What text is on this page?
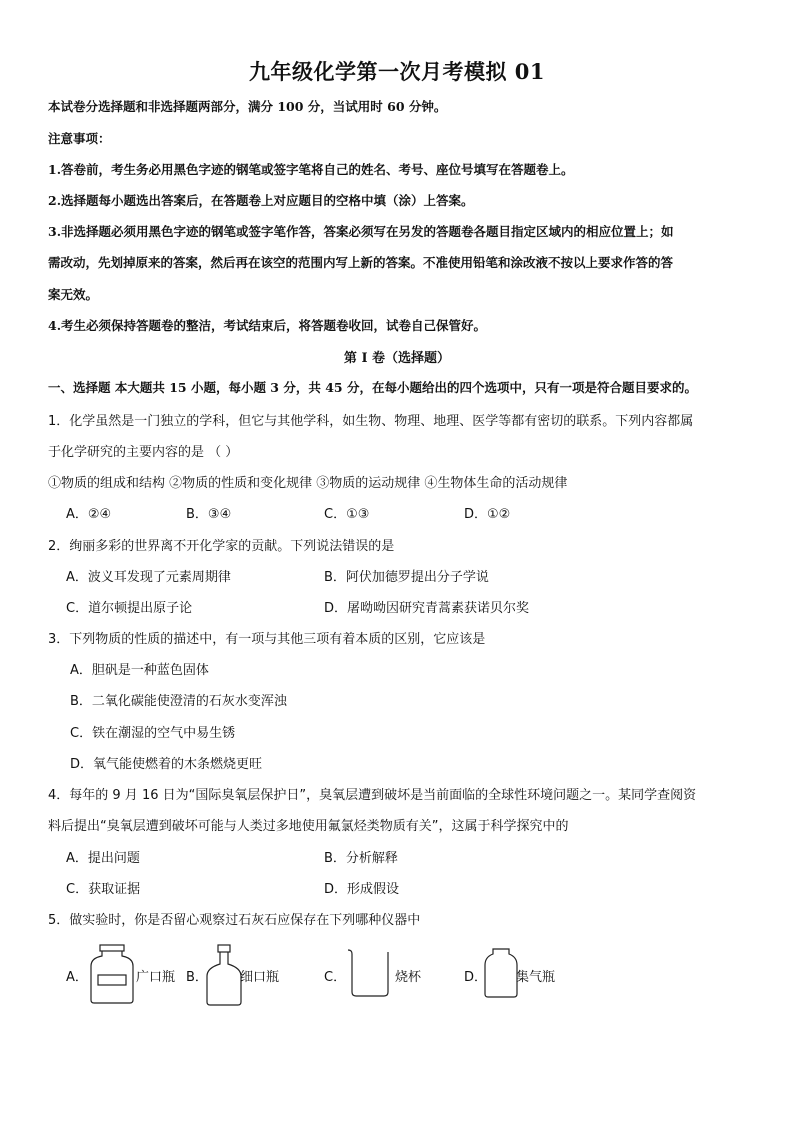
九年级化学第一次月考模拟 01
本试卷分选择题和非选择题两部分，满分 100 分，当试用时 60 分钟。
注意事项：
1.答卷前，考生务必用黑色字迹的钢笔或签字笔将自己的姓名、考号、座位号填写在答题卷上。
2.选择题每小题选出答案后，在答题卷上对应题目的空格中填（涂）上答案。
3.非选择题必须用黑色字迹的钢笔或签字笔作答，答案必须写在另发的答题卷各题目指定区域内的相应位置上；如
需改动，先划掉原来的答案，然后再在该空的范围内写上新的答案。不准使用铅笔和涂改液不按以上要求作答的答
案无效。
4.考生必须保持答题卷的整洁，考试结束后，将答题卷收回，试卷自己保管好。
第 I 卷（选择题）
一、选择题 本大题共 15 小题，每小题 3 分，共 45 分，在每小题给出的四个选项中，只有一项是符合题目要求的。
1．化学虽然是一门独立的学科，但它与其他学科，如生物、物理、地理、医学等都有密切的联系。下列内容都属
于化学研究的主要内容的是 （ ）
①物质的组成和结构 ②物质的性质和变化规律 ③物质的运动规律 ④生物体生命的活动规律
A．②④	B．③④	C．①③	D．①②
2．绚丽多彩的世界离不开化学家的贡献。下列说法错误的是
A．波义耳发现了元素周期律	B．阿伏加德罗提出分子学说
C．道尔顿提出原子论	D．屠呦呦因研究青蒿素获诺贝尔奖
3．下列物质的性质的描述中，有一项与其他三项有着本质的区别，它应该是
A．胆矾是一种蓝色固体
B．二氧化碳能使澄清的石灰水变浑浊
C．铁在潮湿的空气中易生锈
D．氧气能使燃着的木条燃烧更旺
4．每年的 9 月 16 日为“国际臭氧层保护日”，臭氧层遭到破坏是当前面临的全球性环境问题之一。某同学查阅资
料后提出“臭氧层遭到破坏可能与人类过多地使用氟氯烃类物质有关”，这属于科学探究中的
A．提出问题	B．分析解释
C．获取证据	D．形成假设
5．做实验时，你是否留心观察过石灰石应保存在下列哪种仪器中
A．	广口瓶 B． 细口瓶	C．	烧杯	D． 集气瓶
